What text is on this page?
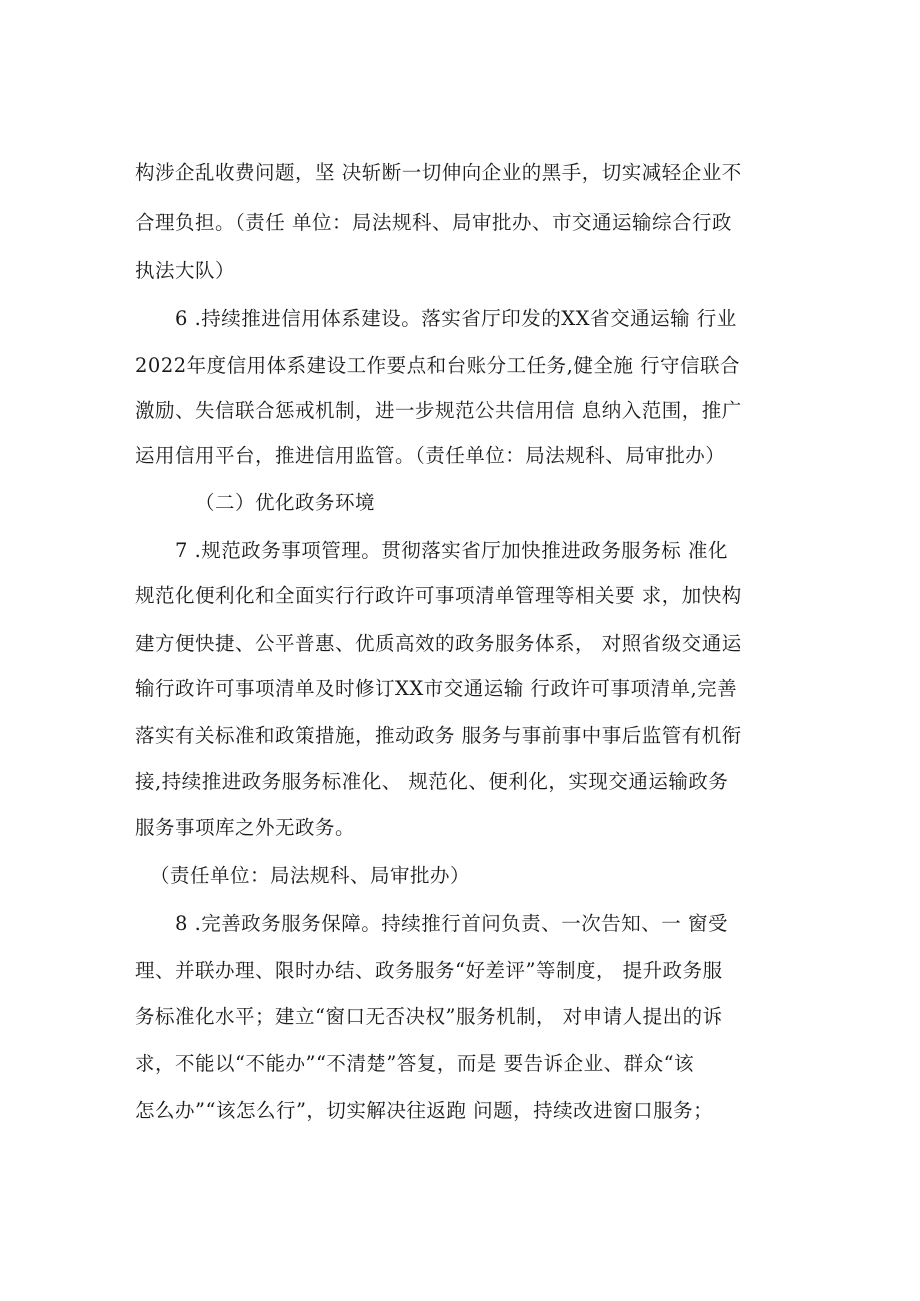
构涉企乱收费问题，坚 决斩断一切伸向企业的黑手，切实减轻企业不
合理负担。（责任 单位：局法规科、局审批办、市交通运输综合行政
执法大队）
6 .持续推进信用体系建设。落实省厅印发的XX省交通运输 行业
2022年度信用体系建设工作要点和台账分工任务,健全施 行守信联合
激励、失信联合惩戒机制，进一步规范公共信用信 息纳入范围，推广
运用信用平台，推进信用监管。（责任单位：局法规科、局审批办）
（二）优化政务环境
7 .规范政务事项管理。贯彻落实省厅加快推进政务服务标 准化
规范化便利化和全面实行行政许可事项清单管理等相关要 求，加快构
建方便快捷、公平普惠、优质高效的政务服务体系， 对照省级交通运
输行政许可事项清单及时修订XX市交通运输 行政许可事项清单,完善
落实有关标准和政策措施，推动政务 服务与事前事中事后监管有机衔
接,持续推进政务服务标准化、 规范化、便利化，实现交通运输政务
服务事项库之外无政务。
（责任单位：局法规科、局审批办）
8 .完善政务服务保障。持续推行首问负责、一次告知、一 窗受
理、并联办理、限时办结、政务服务“好差评”等制度， 提升政务服
务标准化水平；建立“窗口无否决权”服务机制， 对申请人提出的诉
求，不能以“不能办”“不清楚”答复，而是 要告诉企业、群众“该
怎么办”“该怎么行”，切实解决往返跑 问题，持续改进窗口服务；
